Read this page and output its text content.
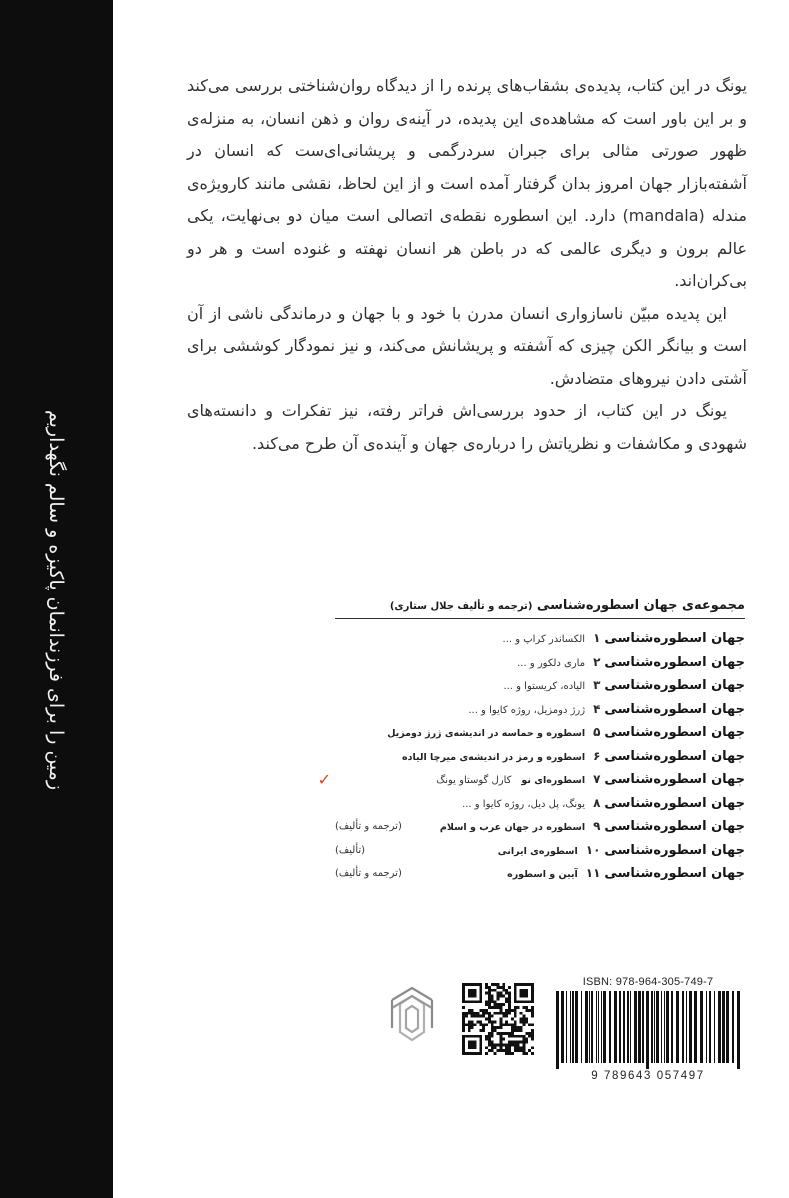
زمین را برای فرزندانمان پاکیزه و سالم نگهداریم

یونگ در این کتاب، پدیده‌ی بشقاب‌های پرنده را از دیدگاه روان‌شناختی بررسی می‌کند و بر این باور است که مشاهده‌ی این پدیده، در آینه‌ی روان و ذهن انسان، به منزله‌ی ظهور صورتی مثالی برای جبران سردرگمی و پریشانی‌ای‌ست که انسان در آشفته‌بازار جهان امروز بدان گرفتار آمده است و از این لحاظ، نقشی مانند کارویژه‌ی مندله (mandala) دارد. این اسطوره نقطه‌ی اتصالی است میان دو بی‌نهایت، یکی عالم برون و دیگری عالمی که در باطن هر انسان نهفته و غنوده است و هر دو بی‌کران‌اند.

این پدیده مبیّن ناسازواری انسان مدرن با خود و با جهان و درماندگی ناشی از آن است و بیانگر الکن چیزی که آشفته و پریشانش می‌کند، و نیز نمودگار کوششی برای آشتی دادن نیروهای متضادش.

یونگ در این کتاب، از حدود بررسی‌اش فراتر رفته، نیز تفکرات و دانسته‌های شهودی و مکاشفات و نظریاتش را درباره‌ی جهان و آینده‌ی آن طرح می‌کند.

مجموعه‌ی جهان اسطوره‌شناسی (ترجمه و تألیف جلال ستاری)
جهان اسطوره‌شناسی۱الکساندر کراپ و ...
جهان اسطوره‌شناسی۲ماری دلکور و ...
جهان اسطوره‌شناسی۳الیاده، کریستوا و ...
جهان اسطوره‌شناسی۴ژرژ دومزیل، روژه کایوا و ...
جهان اسطوره‌شناسی۵اسطوره و حماسه در اندیشه‌ی ژرژ دومزیل
جهان اسطوره‌شناسی۶اسطوره و رمز در اندیشه‌ی میرچا الیاده
جهان اسطوره‌شناسی۷اسطوره‌ای نوکارل گوستاو یونگ
✓
جهان اسطوره‌شناسی۸یونگ، پل دیل، روژه کایوا و ...
جهان اسطوره‌شناسی۹اسطوره در جهان عرب و اسلام
(ترجمه و تألیف)
جهان اسطوره‌شناسی۱۰اسطوره‌ی ایرانی
(تألیف)
جهان اسطوره‌شناسی۱۱آیین و اسطوره
(ترجمه و تألیف)
ISBN: 978-964-305-749-7
9 789643 057497
